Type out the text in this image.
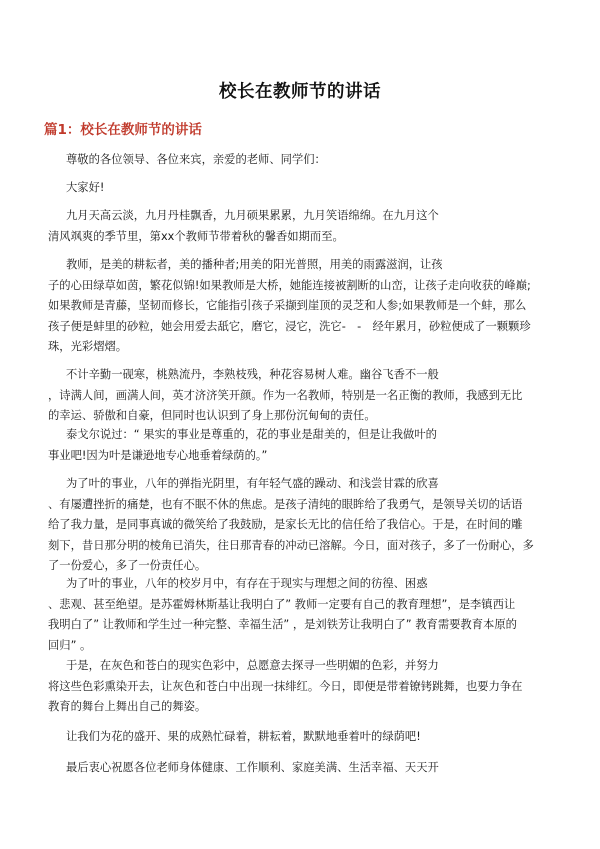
校长在教师节的讲话
篇1：校长在教师节的讲话
尊敬的各位领导、各位来宾，亲爱的老师、同学们：
大家好!
九月天高云淡，九月丹桂飘香，九月硕果累累，九月笑语绵绵。在九月这个
清风飒爽的季节里，第xx个教师节带着秋的馨香如期而至。
教师，是美的耕耘者，美的播种者;用美的阳光普照，用美的雨露滋润，让孩
子的心田绿草如茵，繁花似锦!如果教师是大桥，她能连接被割断的山峦，让孩子走向收获的峰巅;
如果教师是青藤，坚韧而修长，它能指引孩子采撷到崖顶的灵芝和人参;如果教师是一个蚌，那么
孩子便是蚌里的砂粒，她会用爱去舐它，磨它，浸它，洗它-　-　经年累月，砂粒便成了一颗颗珍
珠，光彩熠熠。
不计辛勤一砚寒，桃熟流丹，李熟枝残，种花容易树人难。幽谷飞香不一般
，诗满人间，画满人间，英才济济笑开颜。作为一名教师，特别是一名正衡的教师，我感到无比
的幸运、骄傲和自豪，但同时也认识到了身上那份沉甸甸的责任。
泰戈尔说过：“ 果实的事业是尊重的，花的事业是甜美的，但是让我做叶的
事业吧!因为叶是谦逊地专心地垂着绿荫的。”
为了叶的事业，八年的弹指光阴里，有年轻气盛的躁动、和浅尝甘霖的欣喜
、有屡遭挫折的痛楚，也有不眠不休的焦虑。是孩子清纯的眼眸给了我勇气，是领导关切的话语
给了我力量，是同事真诚的微笑给了我鼓励，是家长无比的信任给了我信心。于是，在时间的雕
刻下，昔日那分明的棱角已消失，往日那青春的冲动已溶解。今日，面对孩子，多了一份耐心，多
了一份爱心，多了一份责任心。
为了叶的事业，八年的校岁月中，有存在于现实与理想之间的彷徨、困惑
、悲观、甚至绝望。是苏霍姆林斯基让我明白了” 教师一定要有自己的教育理想”，是李镇西让
我明白了” 让教师和学生过一种完整、幸福生活” ，是刘铁芳让我明白了” 教育需要教育本原的
回归” 。
于是，在灰色和苍白的现实色彩中，总愿意去探寻一些明媚的色彩，并努力
将这些色彩熏染开去，让灰色和苍白中出现一抹绯红。今日，即便是带着镣铐跳舞，也要力争在
教育的舞台上舞出自己的舞姿。
让我们为花的盛开、果的成熟忙碌着，耕耘着，默默地垂着叶的绿荫吧!
最后衷心祝愿各位老师身体健康、工作顺利、家庭美满、生活幸福、天天开
